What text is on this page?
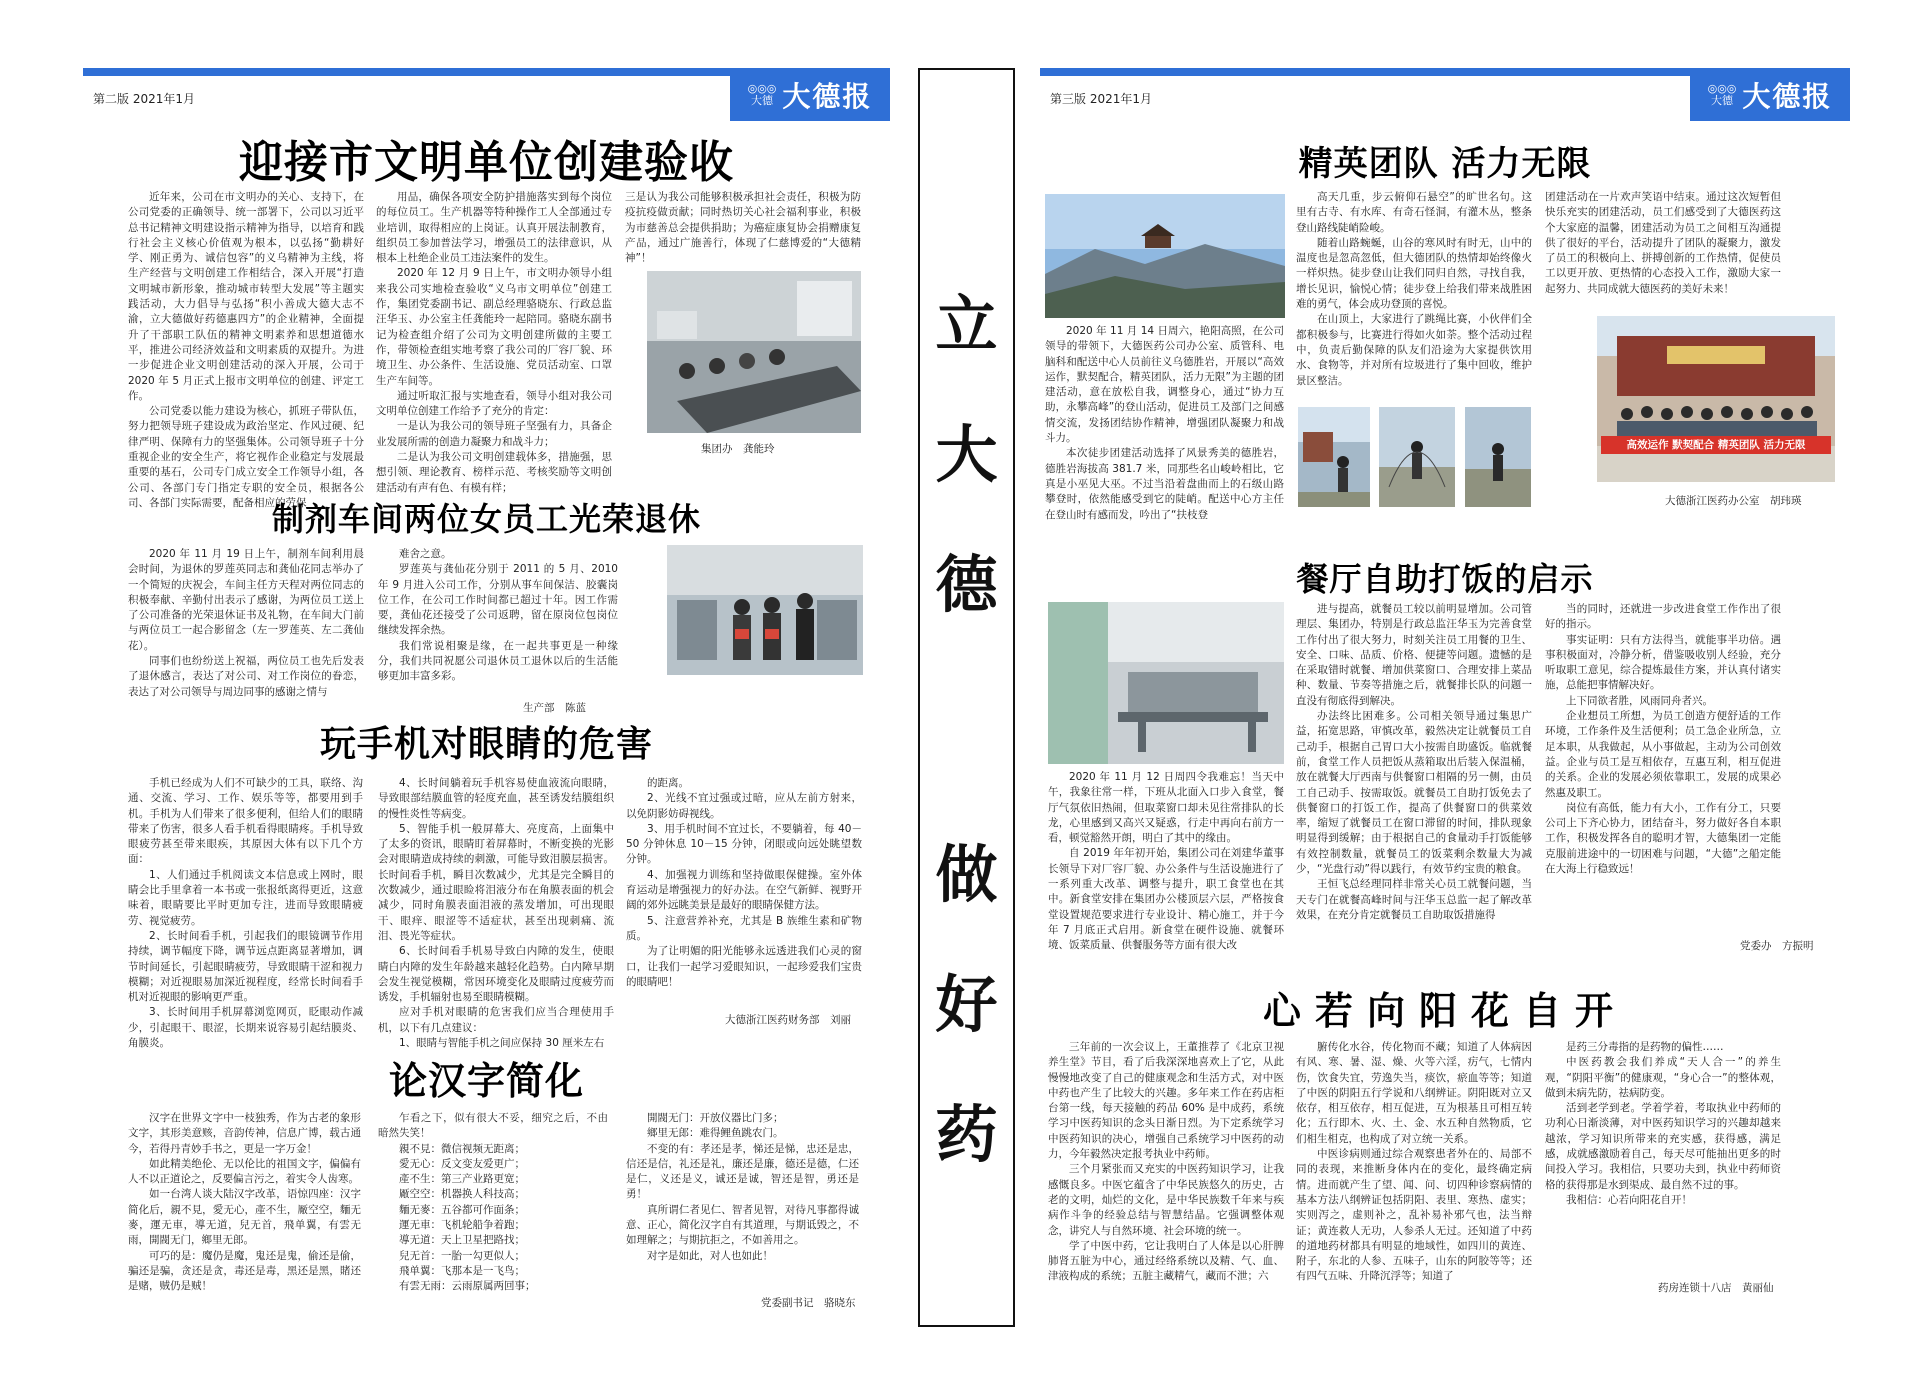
第二版 2021年1月
◎◎◎
大德 大德报
迎接市文明单位创建验收
近年来，公司在市文明办的关心、支持下，在公司党委的正确领导、统一部署下，公司以习近平总书记精神文明建设指示精神为指导，以培育和践行社会主义核心价值观为根本，以弘扬“勤耕好学、刚正勇为、诚信包容”的义乌精神为主线，将生产经营与文明创建工作相结合，深入开展“打造文明城市新形象，推动城市转型大发展”等主题实践活动，大力倡导与弘扬“积小善成大德大志不渝，立大德做好药德惠四方”的企业精神，全面提升了干部职工队伍的精神文明素养和思想道德水平，推进公司经济效益和文明素质的双提升。为进一步促进企业文明创建活动的深入开展，公司于 2020 年 5 月正式上报市文明单位的创建、评定工作。
公司党委以能力建设为核心，抓班子带队伍，努力把领导班子建设成为政治坚定、作风过硬、纪律严明、保障有力的坚强集体。公司领导班子十分重视企业的安全生产，将它视作企业稳定与发展最重要的基石，公司专门成立安全工作领导小组，各公司、各部门专门指定专职的安全员，根据各公司、各部门实际需要，配备相应的劳保
用品，确保各项安全防护措施落实到每个岗位的每位员工。生产机器等特种操作工人全部通过专业培训，取得相应的上岗证。认真开展法制教育，组织员工参加普法学习，增强员工的法律意识，从根本上杜绝企业员工违法案件的发生。
2020 年 12 月 9 日上午，市文明办领导小组来我公司实地检查验收“义乌市文明单位”创建工作，集团党委副书记、副总经理骆晓东、行政总监汪华玉、办公室主任龚能玲一起陪同。骆晓东副书记为检查组介绍了公司为文明创建所做的主要工作，带领检查组实地考察了我公司的厂容厂貌、环境卫生、办公条件、生活设施、党员活动室、口罩生产车间等。
通过听取汇报与实地查看，领导小组对我公司文明单位创建工作给予了充分的肯定：
一是认为我公司的领导班子坚强有力，具备企业发展所需的创造力凝聚力和战斗力；
二是认为我公司文明创建载体多，措施强，思想引领、理论教育、榜样示范、考核奖励等文明创建活动有声有色、有模有样；
三是认为我公司能够积极承担社会责任，积极为防疫抗疫做贡献；同时热切关心社会福利事业，积极为市慈善总会提供捐助；为癌症康复协会捐赠康复产品，通过广施善行，体现了仁慈博爱的“大德精神”！
集团办　龚能玲
制剂车间两位女员工光荣退休
2020 年 11 月 19 日上午，制剂车间利用晨会时间，为退休的罗莲英同志和龚仙花同志举办了一个简短的庆祝会，车间主任方天程对两位同志的积极奉献、辛勤付出表示了感谢，为两位员工送上了公司准备的光荣退休证书及礼物，在车间大门前与两位员工一起合影留念（左一罗莲英、左二龚仙花）。
同事们也纷纷送上祝福，两位员工也先后发表了退休感言，表达了对公司、对工作岗位的眷恋，表达了对公司领导与周边同事的感谢之情与
难舍之意。
罗莲英与龚仙花分别于 2011 的 5 月、2010 年 9 月进入公司工作，分别从事车间保洁、胶囊岗位工作，在公司工作时间都已超过十年。因工作需要，龚仙花还接受了公司返聘，留在原岗位包岗位继续发挥余热。
我们常说相聚是缘，在一起共事更是一种缘分，我们共同祝愿公司退休员工退休以后的生活能够更加丰富多彩。
生产部　陈蓝
玩手机对眼睛的危害
手机已经成为人们不可缺少的工具，联络、沟通、交流、学习、工作、娱乐等等，都要用到手机。手机为人们带来了很多便利，但给人们的眼睛带来了伤害，很多人看手机看得眼睛疼。手机导致眼疲劳甚至带来眼疾，其原因大体有以下几个方面：
1、人们通过手机阅读文本信息或上网时，眼睛会比手里拿着一本书或一张报纸离得更近，这意味着，眼睛要比平时更加专注，进而导致眼睛疲劳、视觉疲劳。
2、长时间看手机，引起我们的眼镜调节作用持续，调节幅度下降，调节远点距离显著增加，调节时间延长，引起眼睛疲劳，导致眼睛干涩和视力模糊；对近视眼易加深近视程度，经常长时间看手机对近视眼的影响更严重。
3、长时间用手机屏幕浏览网页，眨眼动作减少，引起眼干、眼涩，长期来说容易引起结膜炎、角膜炎。
4、长时间躺着玩手机容易使血液流向眼睛，导致眼部结膜血管的轻度充血，甚至诱发结膜组织的慢性炎性等病变。
5、智能手机一般屏幕大、亮度高，上面集中了太多的资讯，眼睛盯着屏幕时，不断变换的光影会对眼睛造成持续的刺激，可能导致泪膜层损害。长时间看手机，瞬目次数减少，尤其是完全瞬目的次数减少，通过眼睑将泪液分布在角膜表面的机会减少，同时角膜表面泪液的蒸发增加，可出现眼干、眼痒、眼涩等不适症状，甚至出现刺痛、流泪、畏光等症状。
6、长时间看手机易导致白内障的发生，使眼睛白内障的发生年龄越来越轻化趋势。白内障早期会发生视觉模糊，常因环境变化及眼睛过度疲劳而诱发，手机辐射也易至眼睛模糊。
应对手机对眼睛的危害我们应当合理使用手机，以下有几点建议：
1、眼睛与智能手机之间应保持 30 厘米左右
的距离。
2、光线不宜过强或过暗，应从左前方射来，以免阴影妨碍视线。
3、用手机时间不宜过长，不要躺着，每 40－50 分钟休息 10－15 分钟，闭眼或向远处眺望数分钟。
4、加强视力训练和坚持做眼保健操。室外体育运动是增强视力的好办法。在空气新鲜、视野开阔的郊外远眺美景是最好的眼睛保健方法。
5、注意营养补充，尤其是 B 族维生素和矿物质。
为了让明媚的阳光能够永远透进我们心灵的窗口，让我们一起学习爱眼知识，一起珍爱我们宝贵的眼睛吧！
大德浙江医药财务部　刘丽
论汉字简化
汉字在世界文字中一枝独秀，作为古老的象形文字，其形美意赅，音韵传神，信息广博，载古通今，若得丹青妙手书之，更是一字万金！
如此精美绝伦、无以伦比的祖国文字，偏偏有人不以正道论之，反要偏言污之，着实令人齿寒。
如一台湾人谈大陆汉字改革，语惊四座：汉字简化后，親不見，愛无心，產不生，厰空空，麵无麥，運无車，導无道，兒无首，飛单翼，有雲无雨，開閥无门，鄉里无郎。
可巧的是：魔仍是魔，鬼还是鬼，偷还是偷，骗还是骗，贪还是贪，毒还是毒，黑还是黑，賭还是赌，贼仍是贼！
乍看之下，似有很大不妥，细究之后，不由暗然失笑！
親不見：微信视频无距离；
愛无心：反文变友爱更广；
產不生：第三产业路更宽；
厰空空：机器换人科技高；
麵无麥：五谷都可作面条；
運无車：飞机轮船争着跑；
導无道：天上卫星把路找；
兒无首：一胎一勾更似人；
飛单翼：飞那本是一飞鸟；
有雲无雨：云雨原属两回事；
開閥无门：开放仪器比门多；
鄉里无郎：难得鲤鱼跳农门。
不变的有：孝还是孝，悌还是悌，忠还是忠，信还是信，礼还是礼，廉还是廉，德还是德，仁还是仁，义还是义，诚还是诚，智还是智，勇还是勇！
真所谓仁者见仁、智者见智，对待凡事都得诚意、正心，简化汉字自有其道理，与期诋毁之，不如理解之；与期抗拒之，不如善用之。
对字是如此，对人也如此！
党委副书记　骆晓东
立
大
德
做
好
药
第三版 2021年1月
◎◎◎
大德 大德报
精英团队 活力无限
2020 年 11 月 14 日周六，艳阳高照，在公司领导的带领下，大德医药公司办公室、质管科、电脑科和配送中心人员前往义乌德胜岩，开展以“高效运作，默契配合，精英团队，活力无限”为主题的团建活动，意在放松自我，调整身心，通过“协力互助，永攀高峰”的登山活动，促进员工及部门之间感情交流，发扬团结协作精神，增强团队凝聚力和战斗力。
本次徒步团建活动选择了风景秀美的德胜岩，德胜岩海拔高 381.7 米，同那些名山峻岭相比，它真是小巫见大巫。不过当沿着盘曲而上的石级山路攀登时，依然能感受到它的陡峭。配送中心方主任在登山时有感而发，吟出了“扶枝登
高天几重，步云俯仰石悬空”的旷世名句。这里有古寺、有水库、有奇石怪洞，有灌木丛，整条登山路线陡峭险峻。
随着山路蜿蜒，山谷的寒风时有时无，山中的温度也是忽高忽低，但大德团队的热情却始终像火一样炽热。徒步登山让我们同归自然，寻找自我，增长见识，愉悦心情；徒步登上给我们带来战胜困难的勇气，体会成功登顶的喜悦。
在山顶上，大家进行了跳绳比赛，小伙伴们全都积极参与，比赛进行得如火如荼。整个活动过程中，负责后勤保障的队友们沿途为大家提供饮用水、食物等，并对所有垃圾进行了集中回收，维护景区整洁。
团建活动在一片欢声笑语中结束。通过这次短暂但快乐充实的团建活动，员工们感受到了大德医药这个大家庭的温馨，团建活动为员工之间相互沟通提供了很好的平台，活动提升了团队的凝聚力，激发了员工的积极向上、拼搏创新的工作热情，促使员工以更开放、更热情的心态投入工作，激励大家一起努力、共同成就大德医药的美好未来！
高效运作 默契配合 精英团队 活力无限
大德浙江医药办公室　胡玮瑛
餐厅自助打饭的启示
2020 年 11 月 12 日周四令我难忘！当天中午，我象往常一样，下班从北面入口步入食堂，餐厅气氛依旧热闹，但取菜窗口却未见往常排队的长龙，心里感到又高兴又疑惑，行走中再向右前方一看，顿觉豁然开朗，明白了其中的缘由。
自 2019 年年初开始，集团公司在刘建华董事长领导下对厂容厂貌、办公条件与生活设施进行了一系列重大改革、调整与提升，职工食堂也在其中。新食堂安排在集团办公楼顶层六层，严格按食堂设置规范要求进行专业设计、精心施工，并于今年 7 月底正式启用。新食堂在硬件设施、就餐环境、饭菜质量、供餐服务等方面有很大改
进与提高，就餐员工较以前明显增加。公司管理层、集团办，特别是行政总监汪华玉为完善食堂工作付出了很大努力，时刻关注员工用餐的卫生、安全、口味、品质、价格、便捷等问题。遗憾的是在采取错时就餐、增加供菜窗口、合理安排上菜品种、数量、节奏等措施之后，就餐排长队的问题一直没有彻底得到解决。
办法终比困难多。公司相关领导通过集思广益，拓宽思路，审慎改革，毅然决定让就餐员工自己动手，根据自己胃口大小按需自助盛饭。临就餐前，食堂工作人员把饭从蒸箱取出后装入保温桶，放在就餐大厅西南与供餐窗口相隔的另一侧，由员工自己动手、按需取饭。就餐员工自助打饭免去了供餐窗口的打饭工作，提高了供餐窗口的供菜效率，缩短了就餐员工在窗口滞留的时间，排队现象明显得到缓解；由于根据自己的食量动手打饭能够有效控制数量，就餐员工的饭菜剩余数量大为减少，“光盘行动”得以践行，有效节约宝贵的粮食。
王恒飞总经理同样非常关心员工就餐问题，当天专门在就餐高峰时间与汪华玉总监一起了解改革效果，在充分肯定就餐员工自助取饭措施得
当的同时，还就进一步改进食堂工作作出了很好的指示。
事实证明：只有方法得当，就能事半功倍。遇事积极面对，冷静分析，借鉴吸收别人经验，充分听取职工意见，综合提炼最佳方案，并认真付诸实施，总能把事情解决好。
上下同欲者胜，风雨同舟者兴。
企业想员工所想，为员工创造方便舒适的工作环境，工作条件及生活便利；员工急企业所急，立足本职，从我做起，从小事做起，主动为公司创效益。企业与员工是互相依存，互惠互利，相互促进的关系。企业的发展必须依靠职工，发展的成果必然惠及职工。
岗位有高低，能力有大小，工作有分工，只要公司上下齐心协力，团结奋斗，努力做好各自本职工作，积极发挥各自的聪明才智，大德集团一定能克服前进途中的一切困难与问题，“大德”之船定能在大海上行稳致远！
党委办　方振明
心若向阳花自开
三年前的一次会议上，王董推荐了《北京卫视养生堂》节目，看了后我深深地喜欢上了它，从此慢慢地改变了自己的健康观念和生活方式，对中医中药也产生了比较大的兴趣。多年来工作在药店柜台第一线，每天接触的药品 60% 是中成药，系统学习中医药知识的念头日渐日烈。为下定系统学习中医药知识的决心，增强自己系统学习中医药的动力，今年毅然决定报考执业中药师。
三个月紧张而又充实的中医药知识学习，让我感慨良多。中医它蕴含了中华民族悠久的历史，古老的文明，灿烂的文化，是中华民族数千年来与疾病作斗争的经验总结与智慧结晶。它强调整体观念，讲究人与自然环境、社会环境的统一。
学了中医中药，它让我明白了人体是以心肝脾肺肾五脏为中心，通过经络系统以及精、气、血、津液构成的系统；五脏主藏精气，藏而不泄；六
腑传化水谷，传化物而不藏；知道了人体病因有风、寒、暑、湿、燥、火等六淫，疠气，七情内伤，饮食失宜，劳逸失当，痰饮，瘀血等等；知道了中医的阴阳五行学说和八纲辨证。阴阳既对立又依存，相互依存，相互促进，互为根基且可相互转化；五行即木、火、土、金、水五种自然物质，它们相生相克，也构成了对立统一关系。
中医诊病则通过综合观察患者外在的、局部不同的表现，来推断身体内在的变化，最终确定病情。进而就产生了望、闻、问、切四种诊察病情的基本方法八纲辨证包括阴阳、表里、寒热、虚实；实则泻之，虚则补之，乱补易补邪气也，法当辩证；黄连救人无功，人参杀人无过。还知道了中药的道地药材都具有明显的地域性，如四川的黄连、附子，东北的人参、五味子，山东的阿胶等等；还有四气五味、升降沉浮等；知道了
是药三分毒指的是药物的偏性……
中医药教会我们养成“天人合一”的养生观，“阴阳平衡”的健康观，“身心合一”的整体观，做到未病先防，祛病防变。
活到老学到老。学着学着，考取执业中药师的功利心日渐淡薄，对中医药知识学习的兴趣却越来越浓，学习知识所带来的充实感，获得感，满足感，成就感激励着自己，每天尽可能抽出更多的时间投入学习。我相信，只要功夫到，执业中药师资格的获得那是水到渠成、最自然不过的事。
我相信：心若向阳花自开！
药房连锁十八店　黄丽仙
